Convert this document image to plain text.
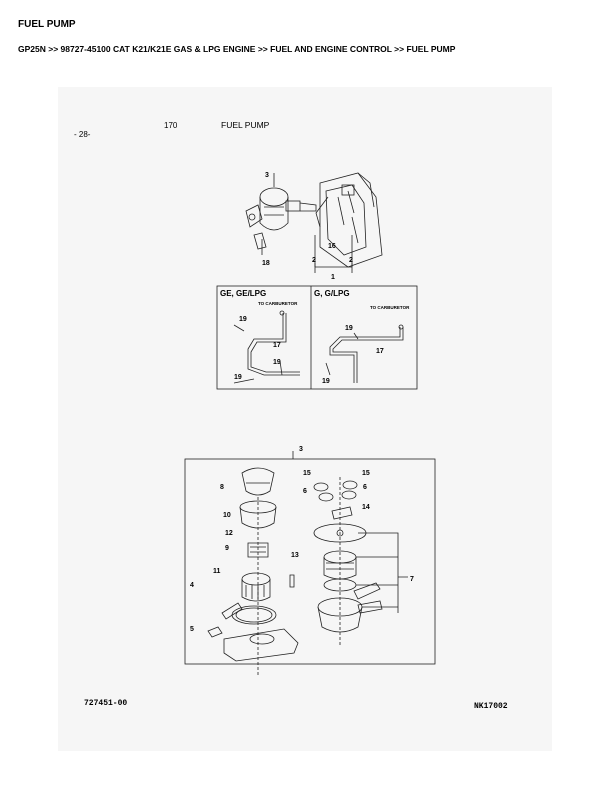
FUEL PUMP
GP25N >> 98727-45100 CAT K21/K21E GAS & LPG ENGINE >> FUEL AND ENGINE CONTROL >> FUEL PUMP
- 28-
170	FUEL PUMP
3
18
16
2	2
1
GE, GE/LPG	G, G/LPG
TO CARBURETOR
TO CARBURETOR
19
17
19
19
19
17
19
3
15	15
6
6
8
14
10
12
9
13
11
7
4
5
727451-00	NK17002
